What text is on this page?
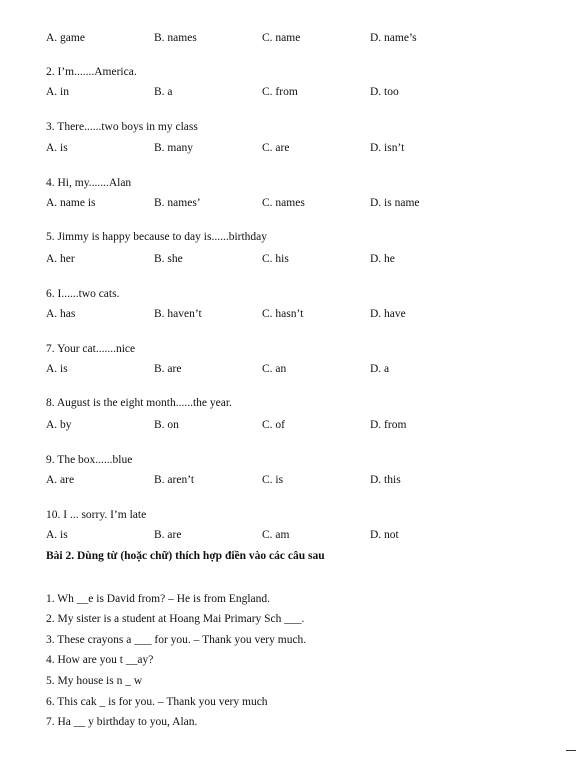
A. game	B. names	C. name	D. name’s
2. I’m.......America.
A. in	B. a	C. from	D. too
3. There......two boys in my class
A. is	B. many	C. are	D. isn’t
4. Hi, my.......Alan
A. name is	B. names’	C. names	D. is name
5. Jimmy is happy because to day is......birthday
A. her	B. she	C. his	D. he
6. I......two cats.
A. has	B. haven’t	C. hasn’t	D. have
7. Your cat.......nice
A. is	B. are	C. an	D. a
8. August is the eight month......the year.
A. by	B. on	C. of	D. from
9. The box......blue
A. are	B. aren’t	C. is	D. this
10. I ... sorry. I’m late
A. is	B. are	C. am	D. not
Bài 2. Dùng từ (hoặc chữ) thích hợp điền vào các câu sau
1. Wh __e is David from? – He is from England.
2. My sister is a student at Hoang Mai Primary Sch ___.
3. These crayons a ___ for you. – Thank you very much.
4. How are you t __ay?
5. My house is n _ w
6. This cak _ is for you. – Thank you very much
7. Ha __ y birthday to you, Alan.
